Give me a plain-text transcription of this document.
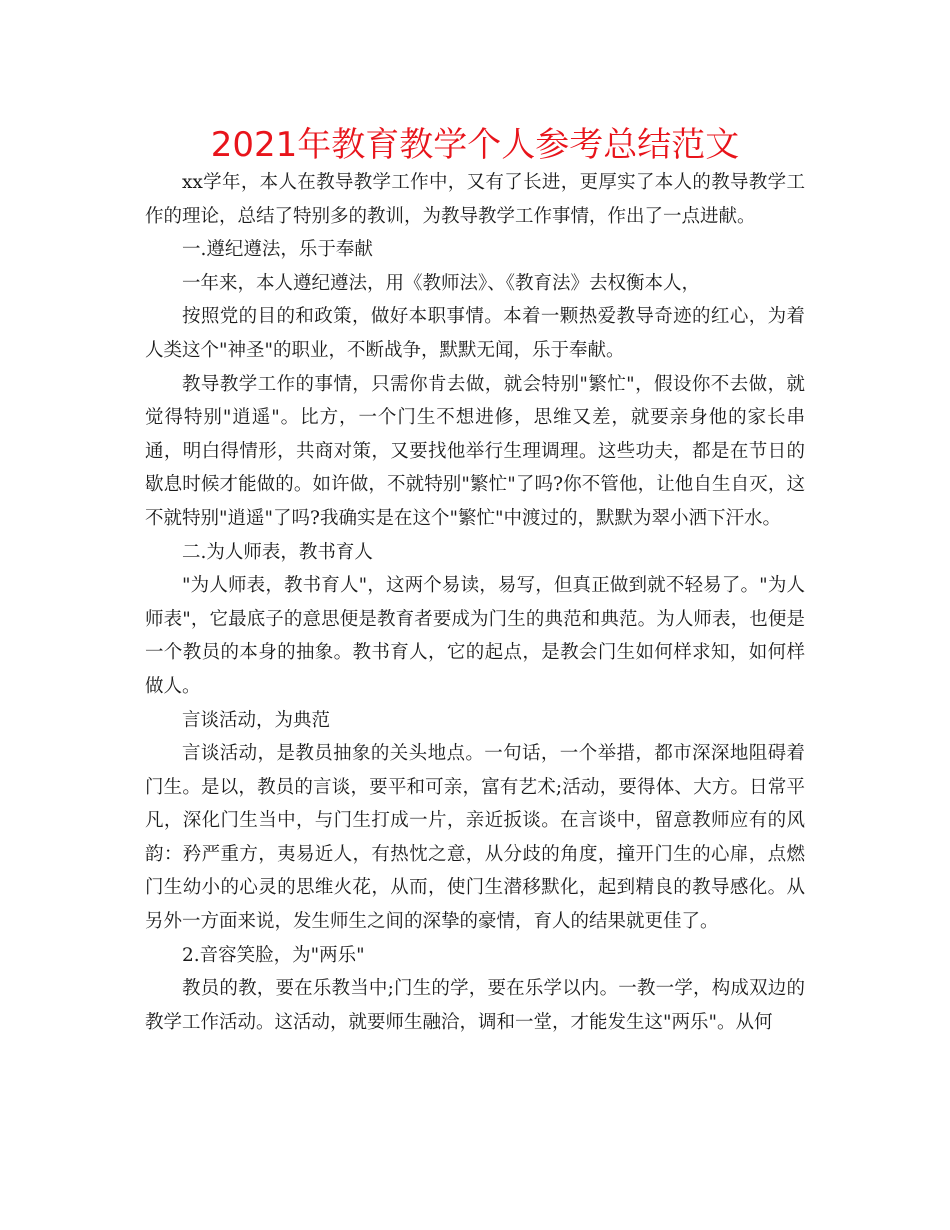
2021年教育教学个人参考总结范文

xx学年，本人在教导教学工作中，又有了长进，更厚实了本人的教导教学工作的理论，总结了特别多的教训，为教导教学工作事情，作出了一点进献。

一.遵纪遵法，乐于奉献

一年来，本人遵纪遵法，用《教师法》、《教育法》去权衡本人，

按照党的目的和政策，做好本职事情。本着一颗热爱教导奇迹的红心，为着人类这个"神圣"的职业，不断战争，默默无闻，乐于奉献。

教导教学工作的事情，只需你肯去做，就会特别"繁忙"，假设你不去做，就觉得特别"逍遥"。比方，一个门生不想进修，思维又差，就要亲身他的家长串通，明白得情形，共商对策，又要找他举行生理调理。这些功夫，都是在节日的歇息时候才能做的。如许做，不就特别"繁忙"了吗?你不管他，让他自生自灭，这不就特别"逍遥"了吗?我确实是在这个"繁忙"中渡过的，默默为翠小洒下汗水。

二.为人师表，教书育人

"为人师表，教书育人"，这两个易读，易写，但真正做到就不轻易了。"为人师表"，它最底子的意思便是教育者要成为门生的典范和典范。为人师表，也便是一个教员的本身的抽象。教书育人，它的起点，是教会门生如何样求知，如何样做人。

言谈活动，为典范

言谈活动，是教员抽象的关头地点。一句话，一个举措，都市深深地阻碍着门生。是以，教员的言谈，要平和可亲，富有艺术;活动，要得体、大方。日常平凡，深化门生当中，与门生打成一片，亲近扳谈。在言谈中，留意教师应有的风韵：矜严重方，夷易近人，有热忱之意，从分歧的角度，撞开门生的心扉，点燃门生幼小的心灵的思维火花，从而，使门生潜移默化，起到精良的教导感化。从另外一方面来说，发生师生之间的深挚的豪情，育人的结果就更佳了。

2.音容笑脸，为"两乐"

教员的教，要在乐教当中;门生的学，要在乐学以内。一教一学，构成双边的教学工作活动。这活动，就要师生融洽，调和一堂，才能发生这"两乐"。从何
